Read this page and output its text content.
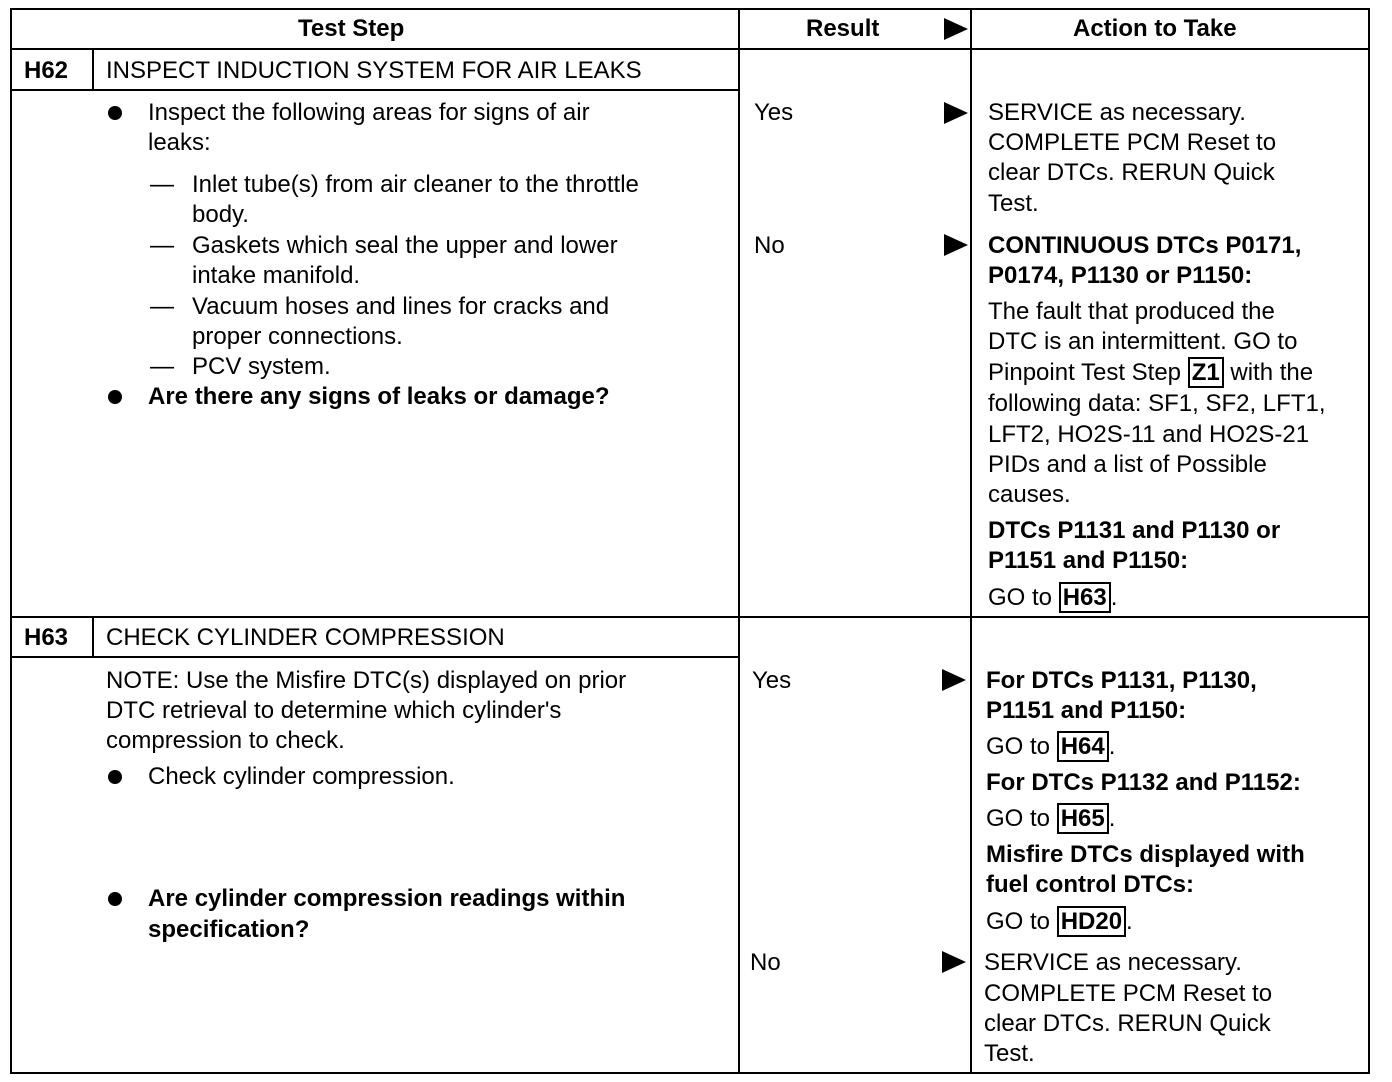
Test Step	Result	Action to Take
H62 INSPECT INDUCTION SYSTEM FOR AIR LEAKS
Inspect the following areas for signs of air
leaks:
— Inlet tube(s) from air cleaner to the throttle
body.
— Gaskets which seal the upper and lower
intake manifold.
— Vacuum hoses and lines for cracks and
proper connections.
— PCV system.
Are there any signs of leaks or damage?
Yes	SERVICE as necessary.
COMPLETE PCM Reset to
clear DTCs. RERUN Quick
Test.
No	CONTINUOUS DTCs P0171,
P0174, P1130 or P1150:
The fault that produced the
DTC is an intermittent. GO to
Pinpoint Test Step Z1 with the
following data: SF1, SF2, LFT1,
LFT2, HO2S-11 and HO2S-21
PIDs and a list of Possible
causes.
DTCs P1131 and P1130 or
P1151 and P1150:
GO to H63 .
H63 CHECK CYLINDER COMPRESSION
NOTE: Use the Misfire DTC(s) displayed on prior
DTC retrieval to determine which cylinder's
compression to check.
Check cylinder compression.
Are cylinder compression readings within
specification?
Yes	For DTCs P1131, P1130,
P1151 and P1150:
GO to H64 .
For DTCs P1132 and P1152:
GO to H65 .
Misfire DTCs displayed with
fuel control DTCs:
GO to HD20 .
No	SERVICE as necessary.
COMPLETE PCM Reset to
clear DTCs. RERUN Quick
Test.
